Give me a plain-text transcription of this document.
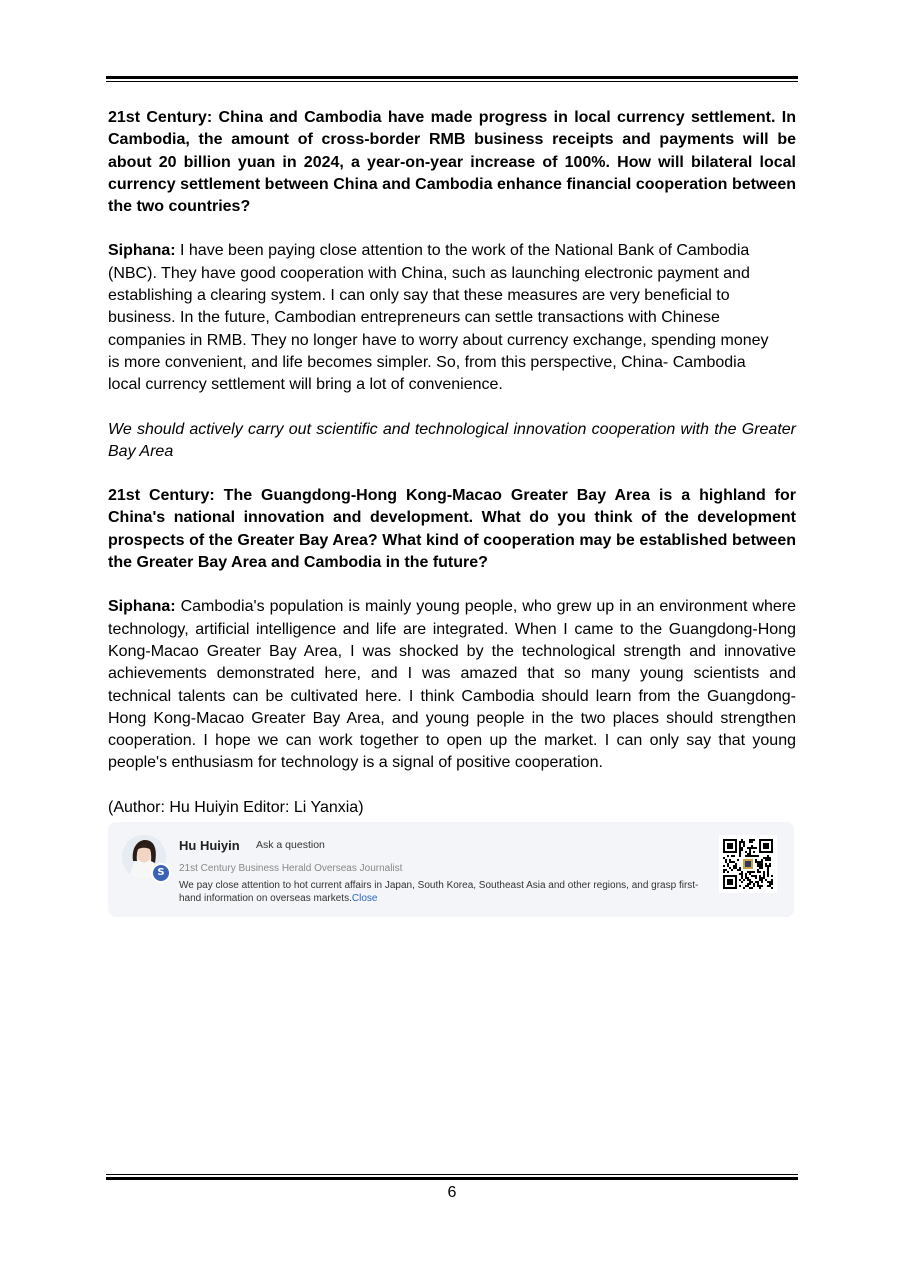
21st Century: China and Cambodia have made progress in local currency settlement. In Cambodia, the amount of cross-border RMB business receipts and payments will be about 20 billion yuan in 2024, a year-on-year increase of 100%. How will bilateral local currency settlement between China and Cambodia enhance financial cooperation between the two countries?

Siphana: I have been paying close attention to the work of the National Bank of Cambodia
(NBC). They have good cooperation with China, such as launching electronic payment and
establishing a clearing system. I can only say that these measures are very beneficial to
business. In the future, Cambodian entrepreneurs can settle transactions with Chinese
companies in RMB. They no longer have to worry about currency exchange, spending money
is more convenient, and life becomes simpler. So, from this perspective, China- Cambodia
local currency settlement will bring a lot of convenience.

We should actively carry out scientific and technological innovation cooperation with the Greater Bay Area

21st Century: The Guangdong-Hong Kong-Macao Greater Bay Area is a highland for China's national innovation and development. What do you think of the development prospects of the Greater Bay Area? What kind of cooperation may be established between the Greater Bay Area and Cambodia in the future?

Siphana: Cambodia's population is mainly young people, who grew up in an environment where technology, artificial intelligence and life are integrated. When I came to the Guangdong-Hong Kong-Macao Greater Bay Area, I was shocked by the technological strength and innovative achievements demonstrated here, and I was amazed that so many young scientists and technical talents can be cultivated here. I think Cambodia should learn from the Guangdong-Hong Kong-Macao Greater Bay Area, and young people in the two places should strengthen cooperation. I hope we can work together to open up the market. I can only say that young people's enthusiasm for technology is a signal of positive cooperation.

(Author: Hu Huiyin Editor: Li Yanxia)
S
Hu Huiyin Ask a question
21st Century Business Herald Overseas Journalist
We pay close attention to hot current affairs in Japan, South Korea, Southeast Asia and other regions, and grasp first-hand information on overseas markets.Close
6
